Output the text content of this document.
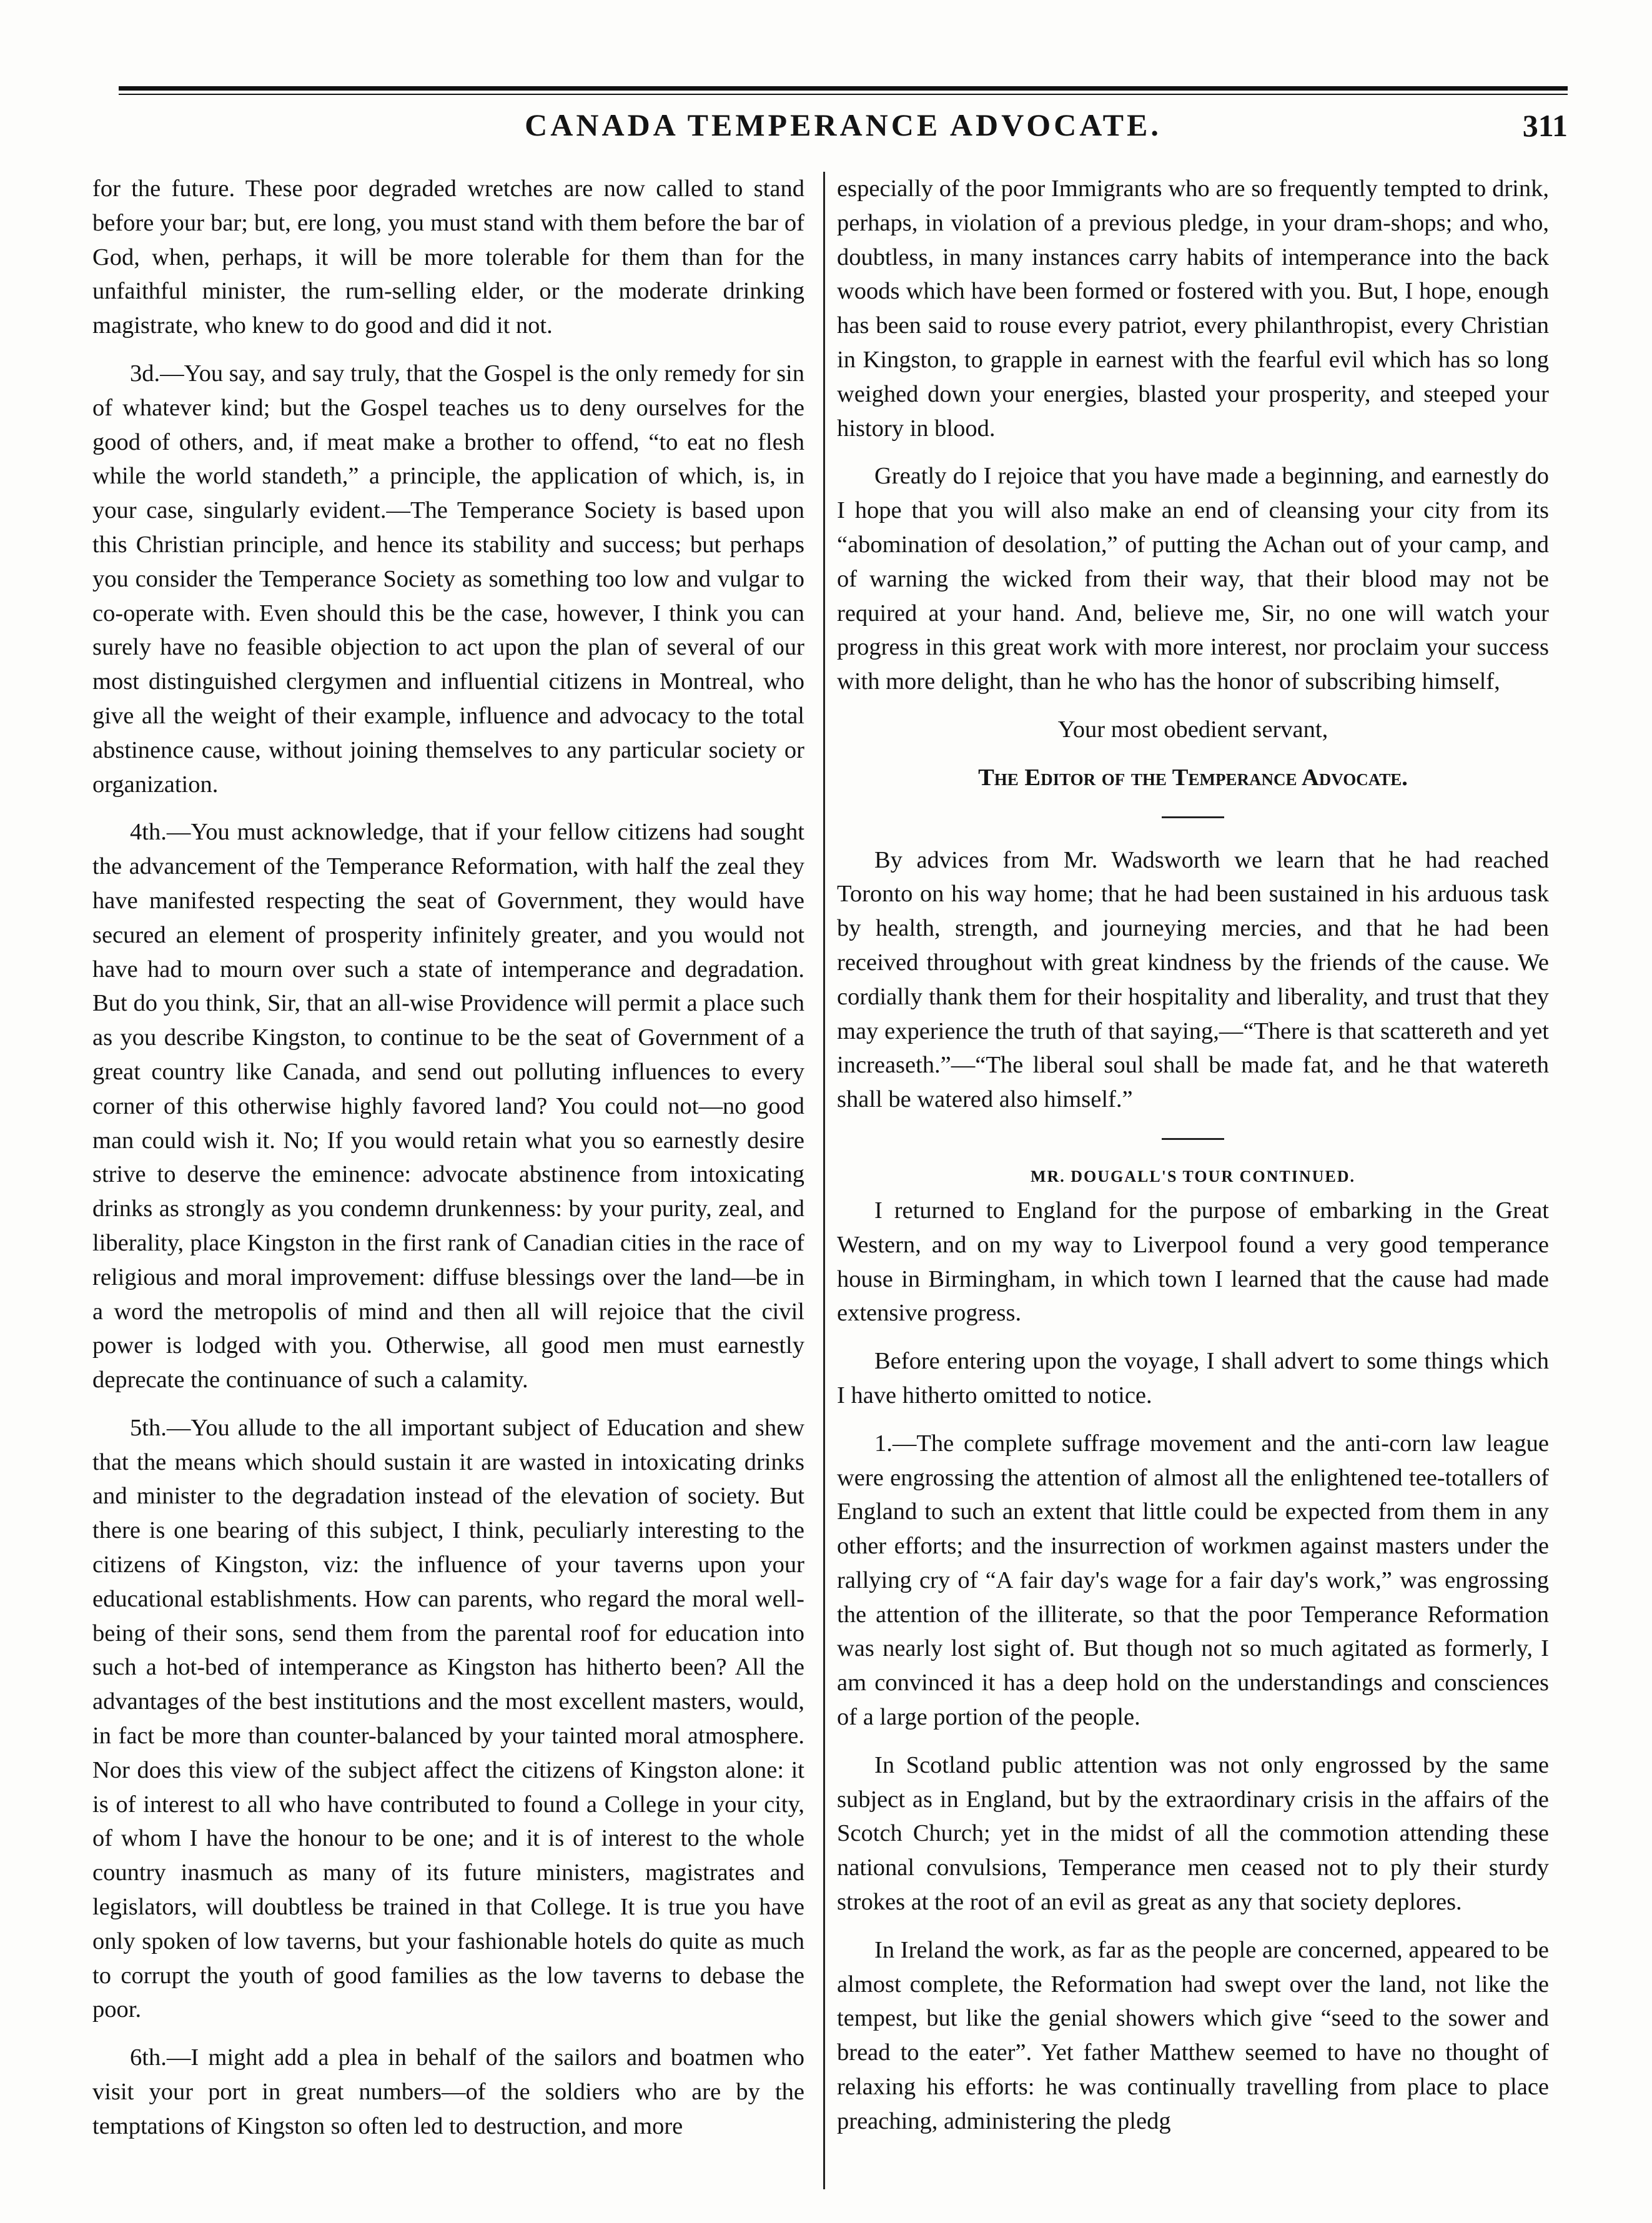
CANADA TEMPERANCE ADVOCATE.	311

for the future. These poor degraded wretches are now called to stand before your bar; but, ere long, you must stand with them before the bar of God, when, perhaps, it will be more tolerable for them than for the unfaithful minister, the rum-selling elder, or the moderate drinking magistrate, who knew to do good and did it not.

3d.—You say, and say truly, that the Gospel is the only remedy for sin of whatever kind; but the Gospel teaches us to deny ourselves for the good of others, and, if meat make a brother to offend, “to eat no flesh while the world standeth,” a principle, the application of which, is, in your case, singularly evident.—The Temperance Society is based upon this Christian principle, and hence its stability and success; but perhaps you consider the Temperance Society as something too low and vulgar to co-operate with. Even should this be the case, however, I think you can surely have no feasible objection to act upon the plan of several of our most distinguished clergymen and influential citizens in Montreal, who give all the weight of their example, influence and advocacy to the total abstinence cause, without joining themselves to any particular society or organization.

4th.—You must acknowledge, that if your fellow citizens had sought the advancement of the Temperance Reformation, with half the zeal they have manifested respecting the seat of Government, they would have secured an element of prosperity infinitely greater, and you would not have had to mourn over such a state of intemperance and degradation. But do you think, Sir, that an all-wise Providence will permit a place such as you describe Kingston, to continue to be the seat of Government of a great country like Canada, and send out polluting influences to every corner of this otherwise highly favored land? You could not—no good man could wish it. No; If you would retain what you so earnestly desire strive to deserve the eminence: advocate abstinence from intoxicating drinks as strongly as you condemn drunkenness: by your purity, zeal, and liberality, place Kingston in the first rank of Canadian cities in the race of religious and moral improvement: diffuse blessings over the land—be in a word the metropolis of mind and then all will rejoice that the civil power is lodged with you. Otherwise, all good men must earnestly deprecate the continuance of such a calamity.

5th.—You allude to the all important subject of Education and shew that the means which should sustain it are wasted in intoxicating drinks and minister to the degradation instead of the elevation of society. But there is one bearing of this subject, I think, peculiarly interesting to the citizens of Kingston, viz: the influence of your taverns upon your educational establishments. How can parents, who regard the moral well-being of their sons, send them from the parental roof for education into such a hot-bed of intemperance as Kingston has hitherto been? All the advantages of the best institutions and the most excellent masters, would, in fact be more than counter-balanced by your tainted moral atmosphere. Nor does this view of the subject affect the citizens of Kingston alone: it is of interest to all who have contributed to found a College in your city, of whom I have the honour to be one; and it is of interest to the whole country inasmuch as many of its future ministers, magistrates and legislators, will doubtless be trained in that College. It is true you have only spoken of low taverns, but your fashionable hotels do quite as much to corrupt the youth of good families as the low taverns to debase the poor.

6th.—I might add a plea in behalf of the sailors and boatmen who visit your port in great numbers—of the soldiers who are by the temptations of Kingston so often led to destruction, and more

especially of the poor Immigrants who are so frequently tempted to drink, perhaps, in violation of a previous pledge, in your dram-shops; and who, doubtless, in many instances carry habits of intemperance into the back woods which have been formed or fostered with you. But, I hope, enough has been said to rouse every patriot, every philanthropist, every Christian in Kingston, to grapple in earnest with the fearful evil which has so long weighed down your energies, blasted your prosperity, and steeped your history in blood.

Greatly do I rejoice that you have made a beginning, and earnestly do I hope that you will also make an end of cleansing your city from its “abomination of desolation,” of putting the Achan out of your camp, and of warning the wicked from their way, that their blood may not be required at your hand. And, believe me, Sir, no one will watch your progress in this great work with more interest, nor proclaim your success with more delight, than he who has the honor of subscribing himself,

Your most obedient servant,

The Editor of the Temperance Advocate.

By advices from Mr. Wadsworth we learn that he had reached Toronto on his way home; that he had been sustained in his arduous task by health, strength, and journeying mercies, and that he had been received throughout with great kindness by the friends of the cause. We cordially thank them for their hospitality and liberality, and trust that they may experience the truth of that saying,—“There is that scattereth and yet increaseth.”—“The liberal soul shall be made fat, and he that watereth shall be watered also himself.”

MR. DOUGALL'S TOUR CONTINUED.

I returned to England for the purpose of embarking in the Great Western, and on my way to Liverpool found a very good temperance house in Birmingham, in which town I learned that the cause had made extensive progress.

Before entering upon the voyage, I shall advert to some things which I have hitherto omitted to notice.

1.—The complete suffrage movement and the anti-corn law league were engrossing the attention of almost all the enlightened tee-totallers of England to such an extent that little could be expected from them in any other efforts; and the insurrection of workmen against masters under the rallying cry of “A fair day's wage for a fair day's work,” was engrossing the attention of the illiterate, so that the poor Temperance Reformation was nearly lost sight of. But though not so much agitated as formerly, I am convinced it has a deep hold on the understandings and consciences of a large portion of the people.

In Scotland public attention was not only engrossed by the same subject as in England, but by the extraordinary crisis in the affairs of the Scotch Church; yet in the midst of all the commotion attending these national convulsions, Temperance men ceased not to ply their sturdy strokes at the root of an evil as great as any that society deplores.

In Ireland the work, as far as the people are concerned, appeared to be almost complete, the Reformation had swept over the land, not like the tempest, but like the genial showers which give “seed to the sower and bread to the eater”. Yet father Matthew seemed to have no thought of relaxing his efforts: he was continually travelling from place to place preaching, administering the pledg
